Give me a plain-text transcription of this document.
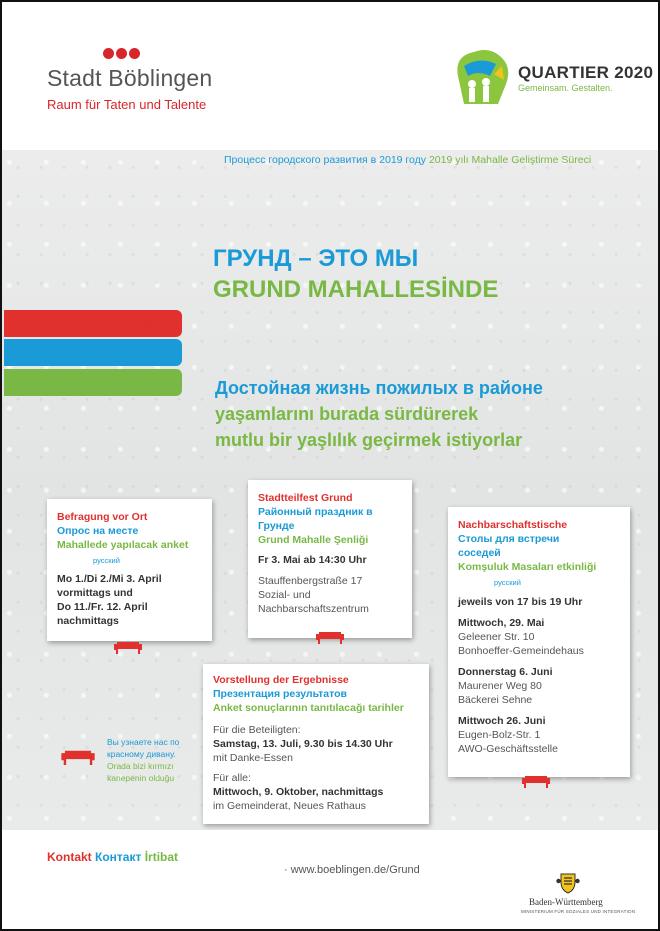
Stadt Böblingen
Raum für Taten und Talente
QUARTIER 2020
Gemeinsam. Gestalten.
Процесс городского развития в 2019 году 2019 yılı Mahalle Geliştirme Süreci
ГРУНД – ЭТО МЫ
GRUND MAHALLESİNDE
Uns interessiert Ihre Meinung!
Нас интересует Ваше мнение!
Bu konuda görüşlerinizi bekliyoruz!	Достойная жизнь пожилых в районе
yaşamlarını burada sürdürerek
mutlu bir yaşlılık geçirmek istiyorlar
Befragung vor Ort
Опрос на месте
Mahallede yapılacak anket
русский
Mo 1./Di 2./Mi 3. April
vormittags und
Do 11./Fr. 12. April
nachmittags
Stadtteilfest Grund
Районный праздник в
Грунде
Grund Mahalle Şenliği
Fr 3. Mai ab 14:30 Uhr
Stauffenbergstraße 17
Sozial- und
Nachbarschaftszentrum
Nachbarschaftstische
Столы для встречи
соседей
Komşuluk Masaları etkinliği
русский
jeweils von 17 bis 19 Uhr
Mittwoch, 29. Mai
Geleener Str. 10
Bonhoeffer-Gemeindehaus
Donnerstag 6. Juni
Maurener Weg 80
Bäckerei Sehne
Mittwoch 26. Juni
Eugen-Bolz-Str. 1
AWO-Geschäftsstelle
Vorstellung der Ergebnisse
Презентация результатов
Anket sonuçlarının tanıtılacağı tarihler
Für die Beteiligten:
Samstag, 13. Juli, 9.30 bis 14.30 Uhr
mit Danke-Essen
Für alle:
Mittwoch, 9. Oktober, nachmittags
im Gemeinderat, Neues Rathaus
Вы узнаете нас по
красному дивану.
Orada bizi kırmızı
kanepenin olduğu
Kontakt Контакт İrtibat
· www.boeblingen.de/Grund
Baden-Württemberg
MINISTERIUM FÜR SOZIALES UND INTEGRATION
